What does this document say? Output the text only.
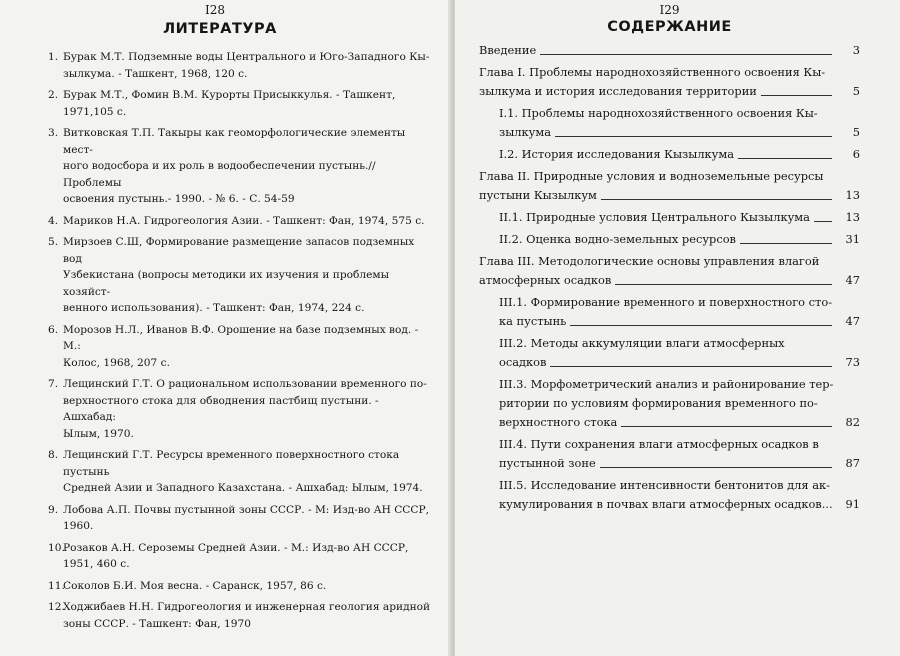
I28
ЛИТЕРАТУРА
1. Бурак М.Т. Подземные воды Центрального и Юго-Западного Кы-
зылкума. - Ташкент, 1968, 120 с.
2. Бурак М.Т., Фомин В.М. Курорты Присыккулья. - Ташкент,
1971,105 с.
3. Витковская Т.П. Такыры как геоморфологические элементы мест-
ного водосбора и их роль в водообеспечении пустынь.// Проблемы
освоения пустынь.- 1990. - № 6. - С. 54-59
4. Мариков Н.А. Гидрогеология Азии. - Ташкент: Фан, 1974, 575 с.
5. Мирзоев С.Ш, Формирование размещение запасов подземных вод
Узбекистана (вопросы методики их изучения и проблемы хозяйст-
венного использования). - Ташкент: Фан, 1974, 224 с.
6. Морозов Н.Л., Иванов В.Ф. Орошение на базе подземных вод. - М.:
Колос, 1968, 207 с.
7. Лещинский Г.Т. О рациональном использовании временного по-
верхностного стока для обводнения пастбищ пустыни. - Ашхабад:
Ылым, 1970.
8. Лещинский Г.Т. Ресурсы временного поверхностного стока пустынь
Средней Азии и Западного Казахстана. - Ашхабад: Ылым, 1974.
9. Лобова А.П. Почвы пустынной зоны СССР. - М: Изд-во АН СССР,
1960.
10.
Розаков А.Н. Сероземы Средней Азии. - М.: Изд-во АН СССР,
1951, 460 с.
11.
Соколов Б.И. Моя весна. - Саранск, 1957, 86 с.
12.
Ходжибаев Н.Н. Гидрогеология и инженерная геология аридной
зоны СССР. - Ташкент: Фан, 1970
I29
СОДЕРЖАНИЕ
Введение	3
Глава I. Проблемы народнохозяйственного освоения Кы-
зылкума и история исследования территории	5
I.1. Проблемы народнохозяйственного освоения Кы-
зылкума	5
I.2. История исследования Кызылкума	6
Глава II. Природные условия и водноземельные ресурсы
пустыни Кызылкум	13
II.1. Природные условия Центрального Кызылкума	13
II.2. Оценка водно-земельных ресурсов	31
Глава III. Методологические основы управления влагой
атмосферных осадков	47
III.1. Формирование временного и поверхностного сто-
ка пустынь	47
III.2. Методы аккумуляции влаги атмосферных
осадков	73
III.3. Морфометрический анализ и районирование тер-
ритории по условиям формирования временного по-
верхностного стока	82
III.4. Пути сохранения влаги атмосферных осадков в
пустынной зоне	87
III.5. Исследование интенсивности бентонитов для ак-
кумулирования в почвах влаги атмосферных осадков...	91
